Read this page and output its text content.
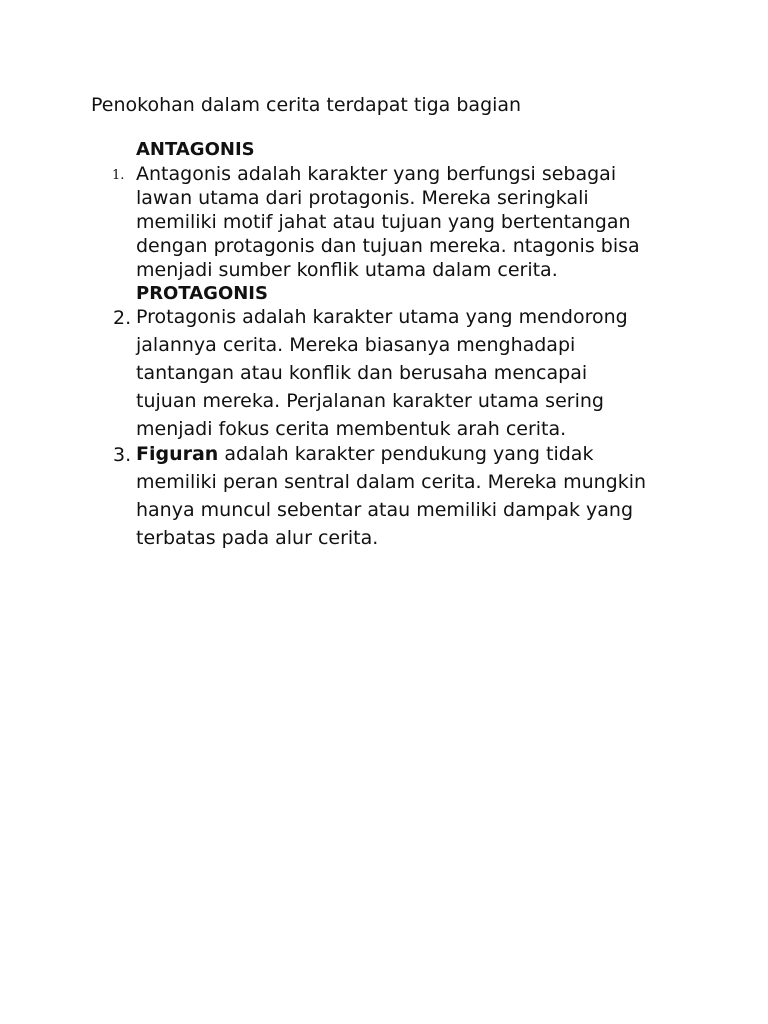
Penokohan dalam cerita terdapat tiga bagian
ANTAGONIS
1. Antagonis adalah karakter yang berfungsi sebagai
lawan utama dari protagonis. Mereka seringkali
memiliki motif jahat atau tujuan yang bertentangan
dengan protagonis dan tujuan mereka. ntagonis bisa
menjadi sumber konflik utama dalam cerita.
PROTAGONIS
2. Protagonis adalah karakter utama yang mendorong
jalannya cerita. Mereka biasanya menghadapi
tantangan atau konflik dan berusaha mencapai
tujuan mereka. Perjalanan karakter utama sering
menjadi fokus cerita membentuk arah cerita.
3. Figuran adalah karakter pendukung yang tidak
memiliki peran sentral dalam cerita. Mereka mungkin
hanya muncul sebentar atau memiliki dampak yang
terbatas pada alur cerita.
